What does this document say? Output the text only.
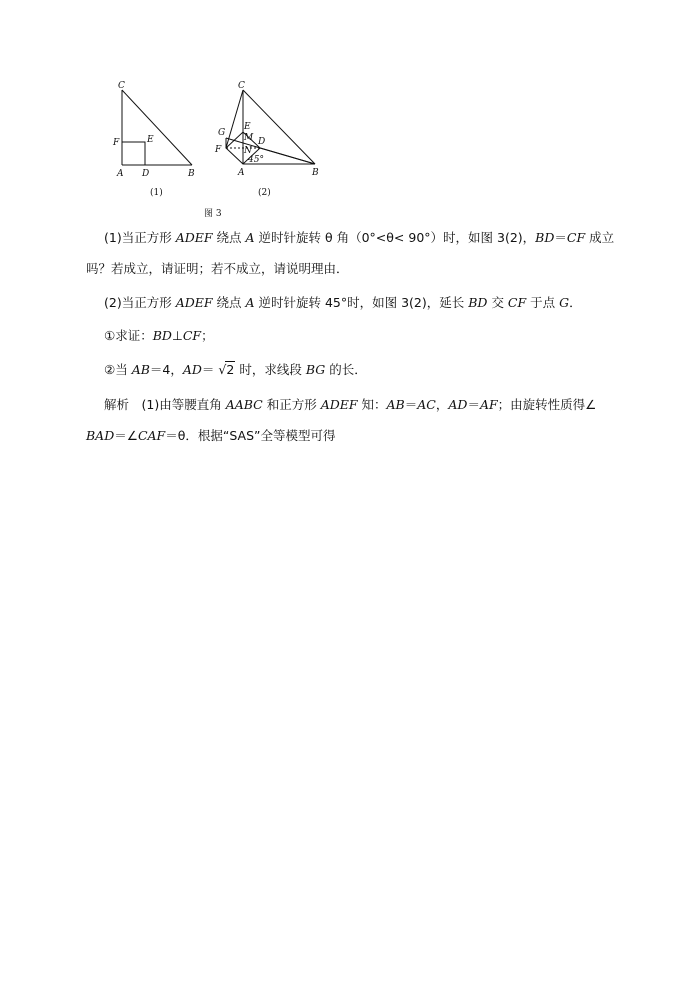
C
F	E
A D	B
(1)
C
G
E
M D
F	N
45°
A	B
(2)
图 3
(1)当正方形 ADEF 绕点 A 逆时针旋转 θ 角（0°<θ< 90°）时，如图 3(2)，BD＝CF 成立
吗？若成立，请证明；若不成立，请说明理由．
(2)当正方形 ADEF 绕点 A 逆时针旋转 45°时，如图 3(2)，延长 BD 交 CF 于点 G．
①求证：BD⊥CF；
②当 AB＝4，AD＝ √ 2 时，求线段 BG 的长．
解析　(1)由等腰直角 AABC 和正方形 ADEF 知：AB＝AC，AD＝AF；由旋转性质得∠
BAD＝∠CAF＝θ．根据“SAS”全等模型可得
